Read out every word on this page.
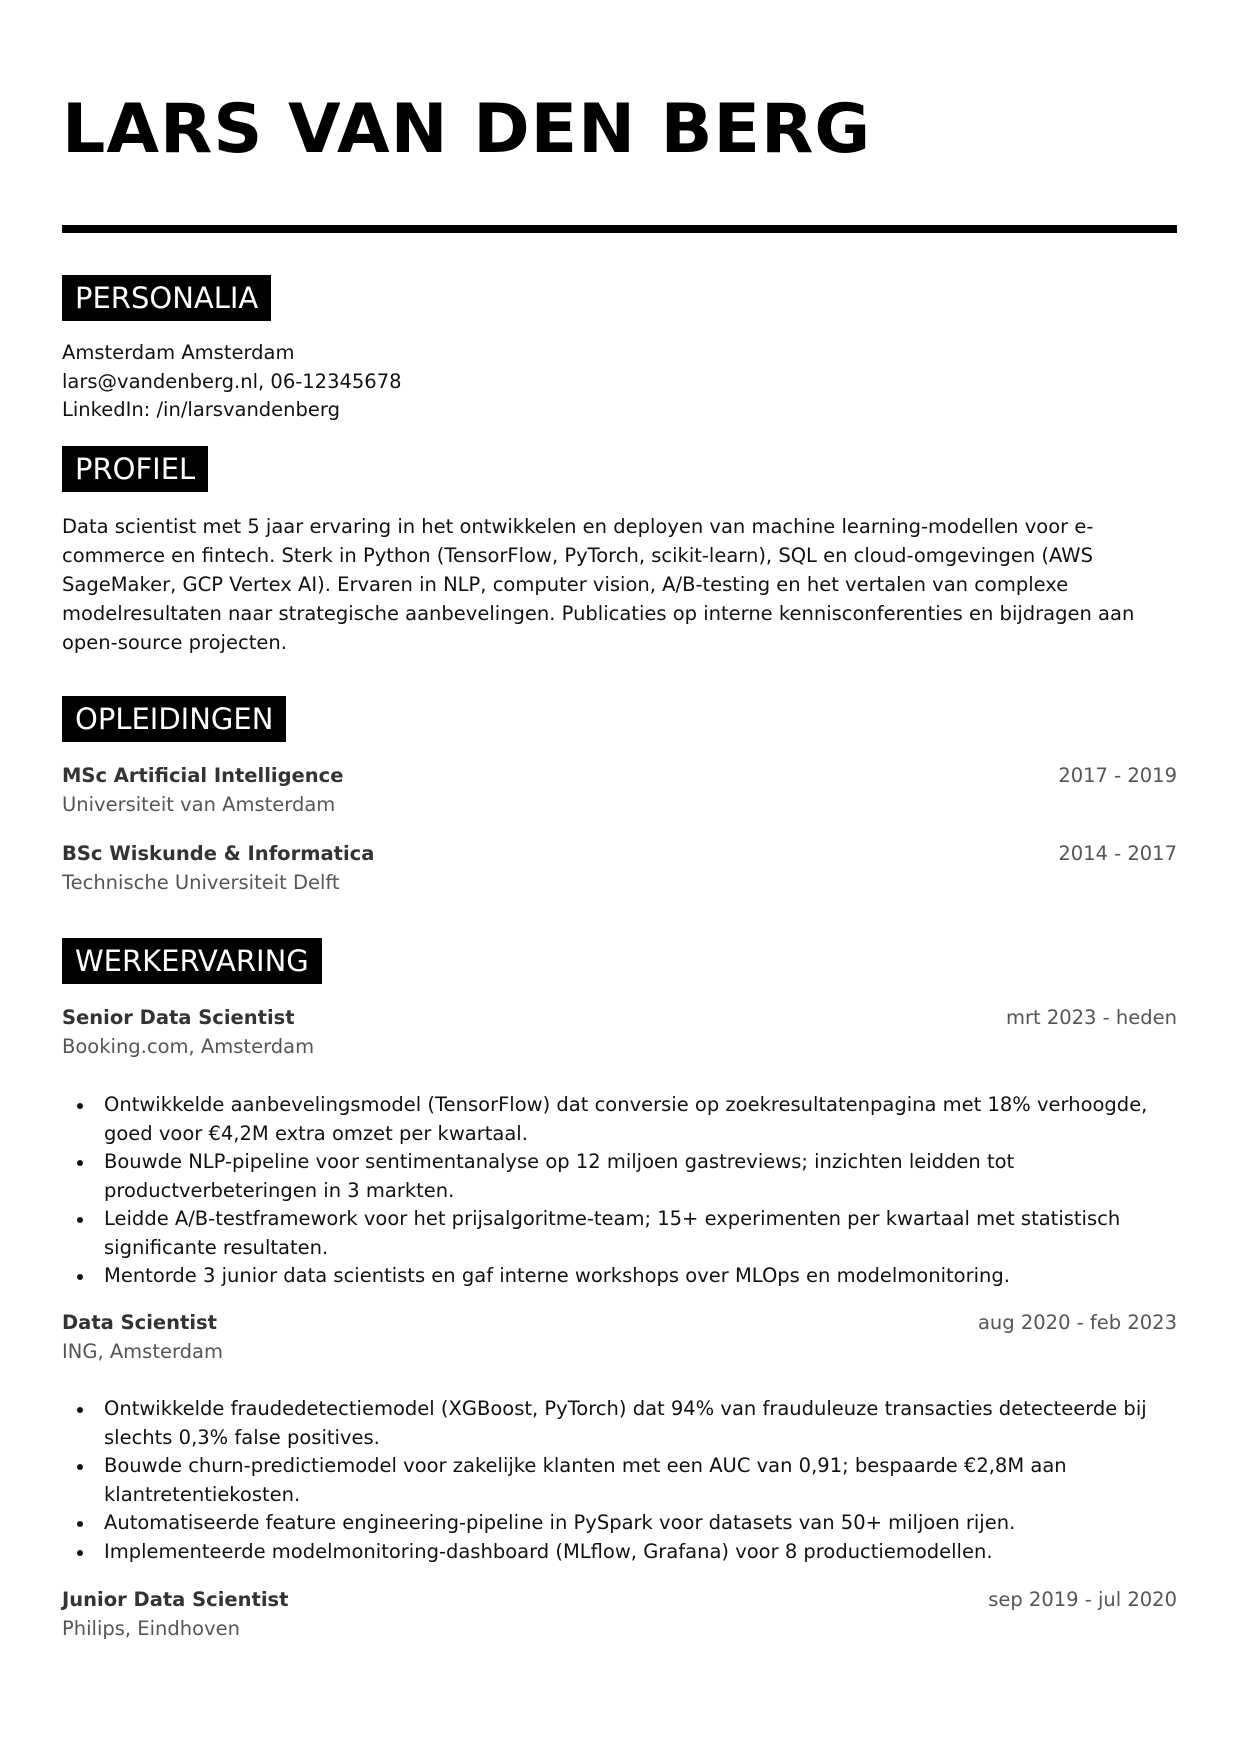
LARS VAN DEN BERG
PERSONALIA
Amsterdam Amsterdam
lars@vandenberg.nl, 06-12345678
LinkedIn: /in/larsvandenberg
PROFIEL

Data scientist met 5 jaar ervaring in het ontwikkelen en deployen van machine learning-modellen voor e-commerce en fintech. Sterk in Python (TensorFlow, PyTorch, scikit-learn), SQL en cloud-omgevingen (AWS SageMaker, GCP Vertex AI). Ervaren in NLP, computer vision, A/B-testing en het vertalen van complexe modelresultaten naar strategische aanbevelingen. Publicaties op interne kennisconferenties en bijdragen aan open-source projecten.

OPLEIDINGEN
MSc Artificial Intelligence	2017 - 2019
Universiteit van Amsterdam
BSc Wiskunde & Informatica	2014 - 2017
Technische Universiteit Delft
WERKERVARING
Senior Data Scientist	mrt 2023 - heden
Booking.com, Amsterdam
Ontwikkelde aanbevelingsmodel (TensorFlow) dat conversie op zoekresultatenpagina met 18% verhoogde, goed voor €4,2M extra omzet per kwartaal.
Bouwde NLP-pipeline voor sentimentanalyse op 12 miljoen gastreviews; inzichten leidden tot productverbeteringen in 3 markten.
Leidde A/B-testframework voor het prijsalgoritme-team; 15+ experimenten per kwartaal met statistisch significante resultaten.
Mentorde 3 junior data scientists en gaf interne workshops over MLOps en modelmonitoring.
Data Scientist	aug 2020 - feb 2023
ING, Amsterdam
Ontwikkelde fraudedetectiemodel (XGBoost, PyTorch) dat 94% van frauduleuze transacties detecteerde bij slechts 0,3% false positives.
Bouwde churn-predictiemodel voor zakelijke klanten met een AUC van 0,91; bespaarde €2,8M aan klantretentiekosten.
Automatiseerde feature engineering-pipeline in PySpark voor datasets van 50+ miljoen rijen.
Implementeerde modelmonitoring-dashboard (MLflow, Grafana) voor 8 productiemodellen.
Junior Data Scientist	sep 2019 - jul 2020
Philips, Eindhoven
